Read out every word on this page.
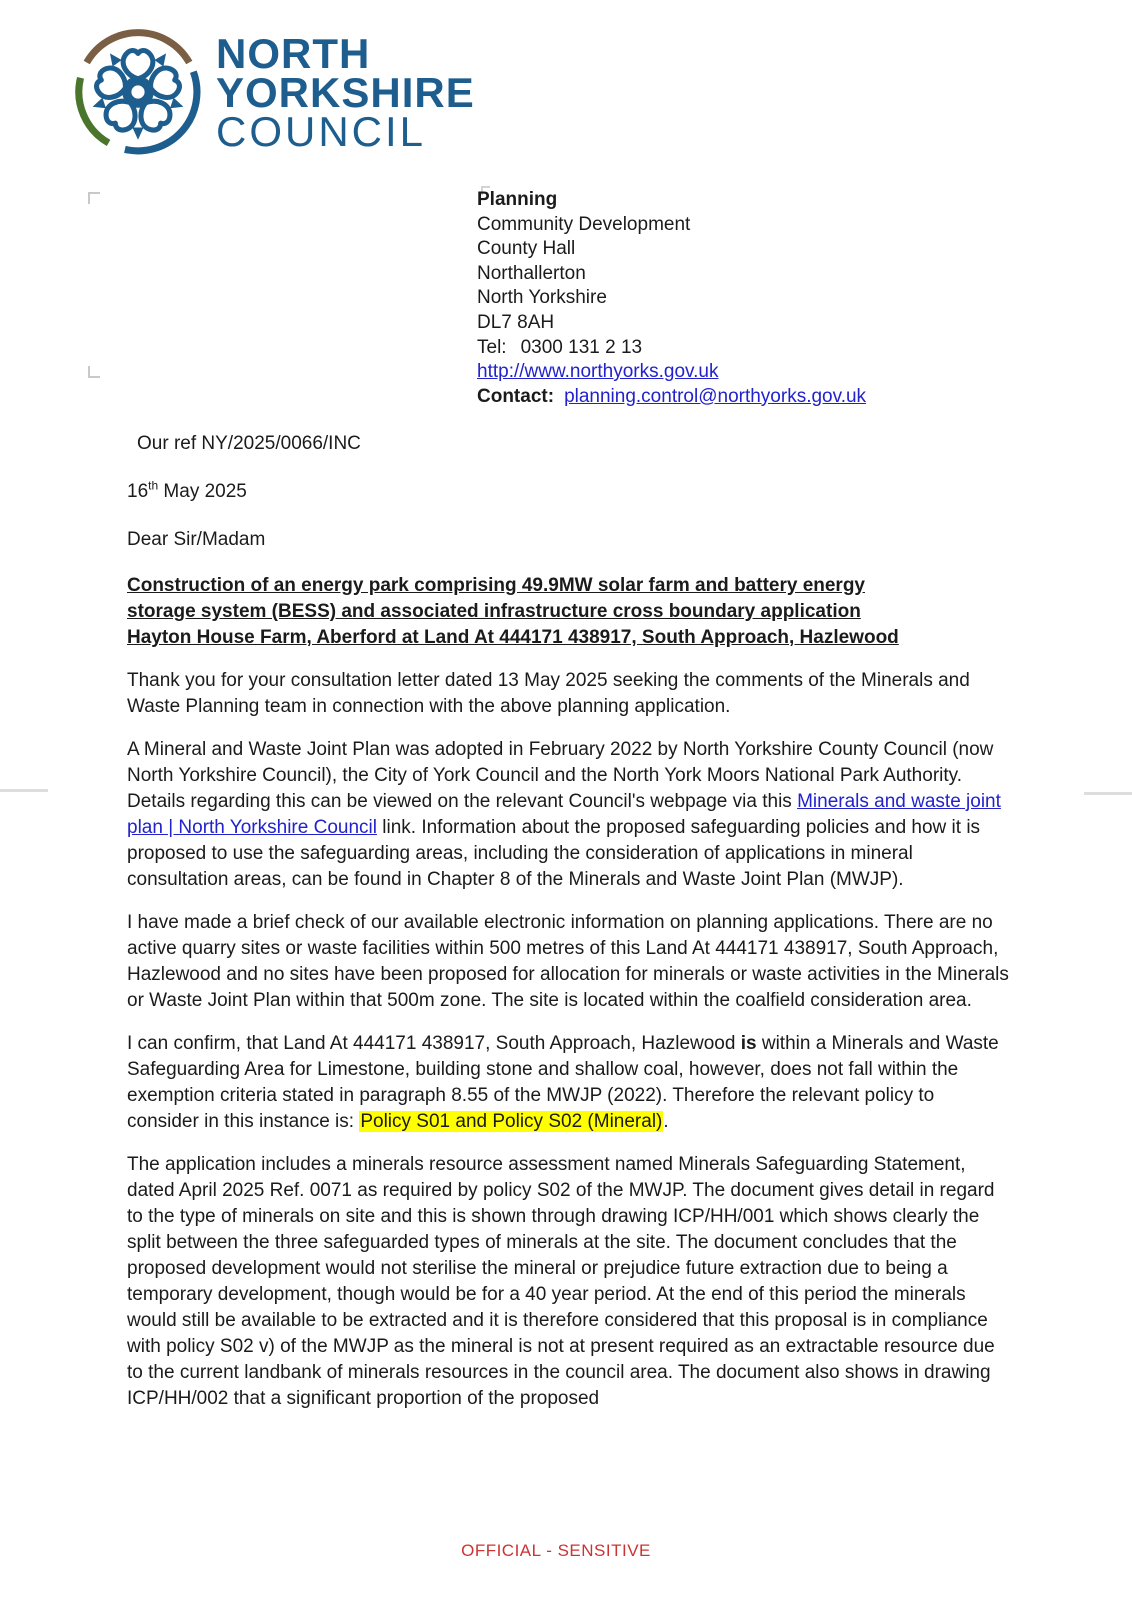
NORTH
YORKSHIRE
COUNCIL
Planning
Community Development
County Hall
Northallerton
North Yorkshire
DL7 8AH
Tel: 0300 131 2 13
http://www.northyorks.gov.uk
Contact: planning.control@northyorks.gov.uk
Our ref NY/2025/0066/INC
16th May 2025
Dear Sir/Madam
Construction of an energy park comprising 49.9MW solar farm and battery energy
storage system (BESS) and associated infrastructure cross boundary application
Hayton House Farm, Aberford at Land At 444171 438917, South Approach, Hazlewood

Thank you for your consultation letter dated 13 May 2025 seeking the comments of the Minerals and Waste Planning team in connection with the above planning application.

A Mineral and Waste Joint Plan was adopted in February 2022 by North Yorkshire County Council (now North Yorkshire Council), the City of York Council and the North York Moors National Park Authority. Details regarding this can be viewed on the relevant Council's webpage via this Minerals and waste joint plan | North Yorkshire Council link. Information about the proposed safeguarding policies and how it is proposed to use the safeguarding areas, including the consideration of applications in mineral consultation areas, can be found in Chapter 8 of the Minerals and Waste Joint Plan (MWJP).

I have made a brief check of our available electronic information on planning applications. There are no active quarry sites or waste facilities within 500 metres of this Land At 444171 438917, South Approach, Hazlewood and no sites have been proposed for allocation for minerals or waste activities in the Minerals or Waste Joint Plan within that 500m zone. The site is located within the coalfield consideration area.

I can confirm, that Land At 444171 438917, South Approach, Hazlewood is within a Minerals and Waste Safeguarding Area for Limestone, building stone and shallow coal, however, does not fall within the exemption criteria stated in paragraph 8.55 of the MWJP (2022). Therefore the relevant policy to consider in this instance is: Policy S01 and Policy S02 (Mineral).

The application includes a minerals resource assessment named Minerals Safeguarding Statement, dated April 2025 Ref. 0071 as required by policy S02 of the MWJP. The document gives detail in regard to the type of minerals on site and this is shown through drawing ICP/HH/001 which shows clearly the split between the three safeguarded types of minerals at the site. The document concludes that the proposed development would not sterilise the mineral or prejudice future extraction due to being a temporary development, though would be for a 40 year period. At the end of this period the minerals would still be available to be extracted and it is therefore considered that this proposal is in compliance with policy S02 v) of the MWJP as the mineral is not at present required as an extractable resource due to the current landbank of minerals resources in the council area. The document also shows in drawing ICP/HH/002 that a significant proportion of the proposed

OFFICIAL - SENSITIVE
